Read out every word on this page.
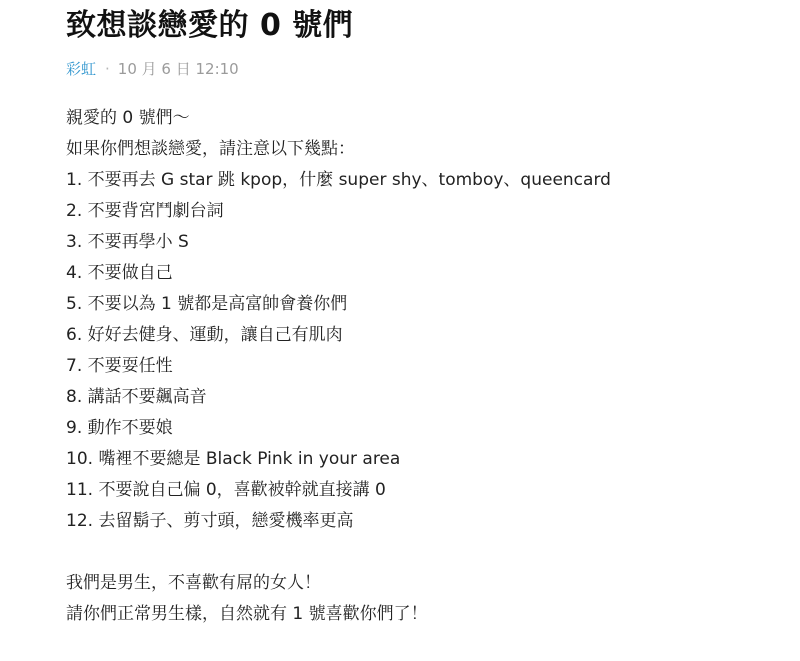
致想談戀愛的 0 號們
彩虹 · 10 月 6 日 12:10
親愛的 0 號們～
如果你們想談戀愛，請注意以下幾點：
1. 不要再去 G star 跳 kpop，什麼 super shy、tomboy、queencard
2. 不要背宮鬥劇台詞
3. 不要再學小 S
4. 不要做自己
5. 不要以為 1 號都是高富帥會養你們
6. 好好去健身、運動，讓自己有肌肉
7. 不要耍任性
8. 講話不要飆高音
9. 動作不要娘
10. 嘴裡不要總是 Black Pink in your area
11. 不要說自己偏 0，喜歡被幹就直接講 0
12. 去留鬍子、剪寸頭，戀愛機率更高
我們是男生，不喜歡有屌的女人！
請你們正常男生樣，自然就有 1 號喜歡你們了！
